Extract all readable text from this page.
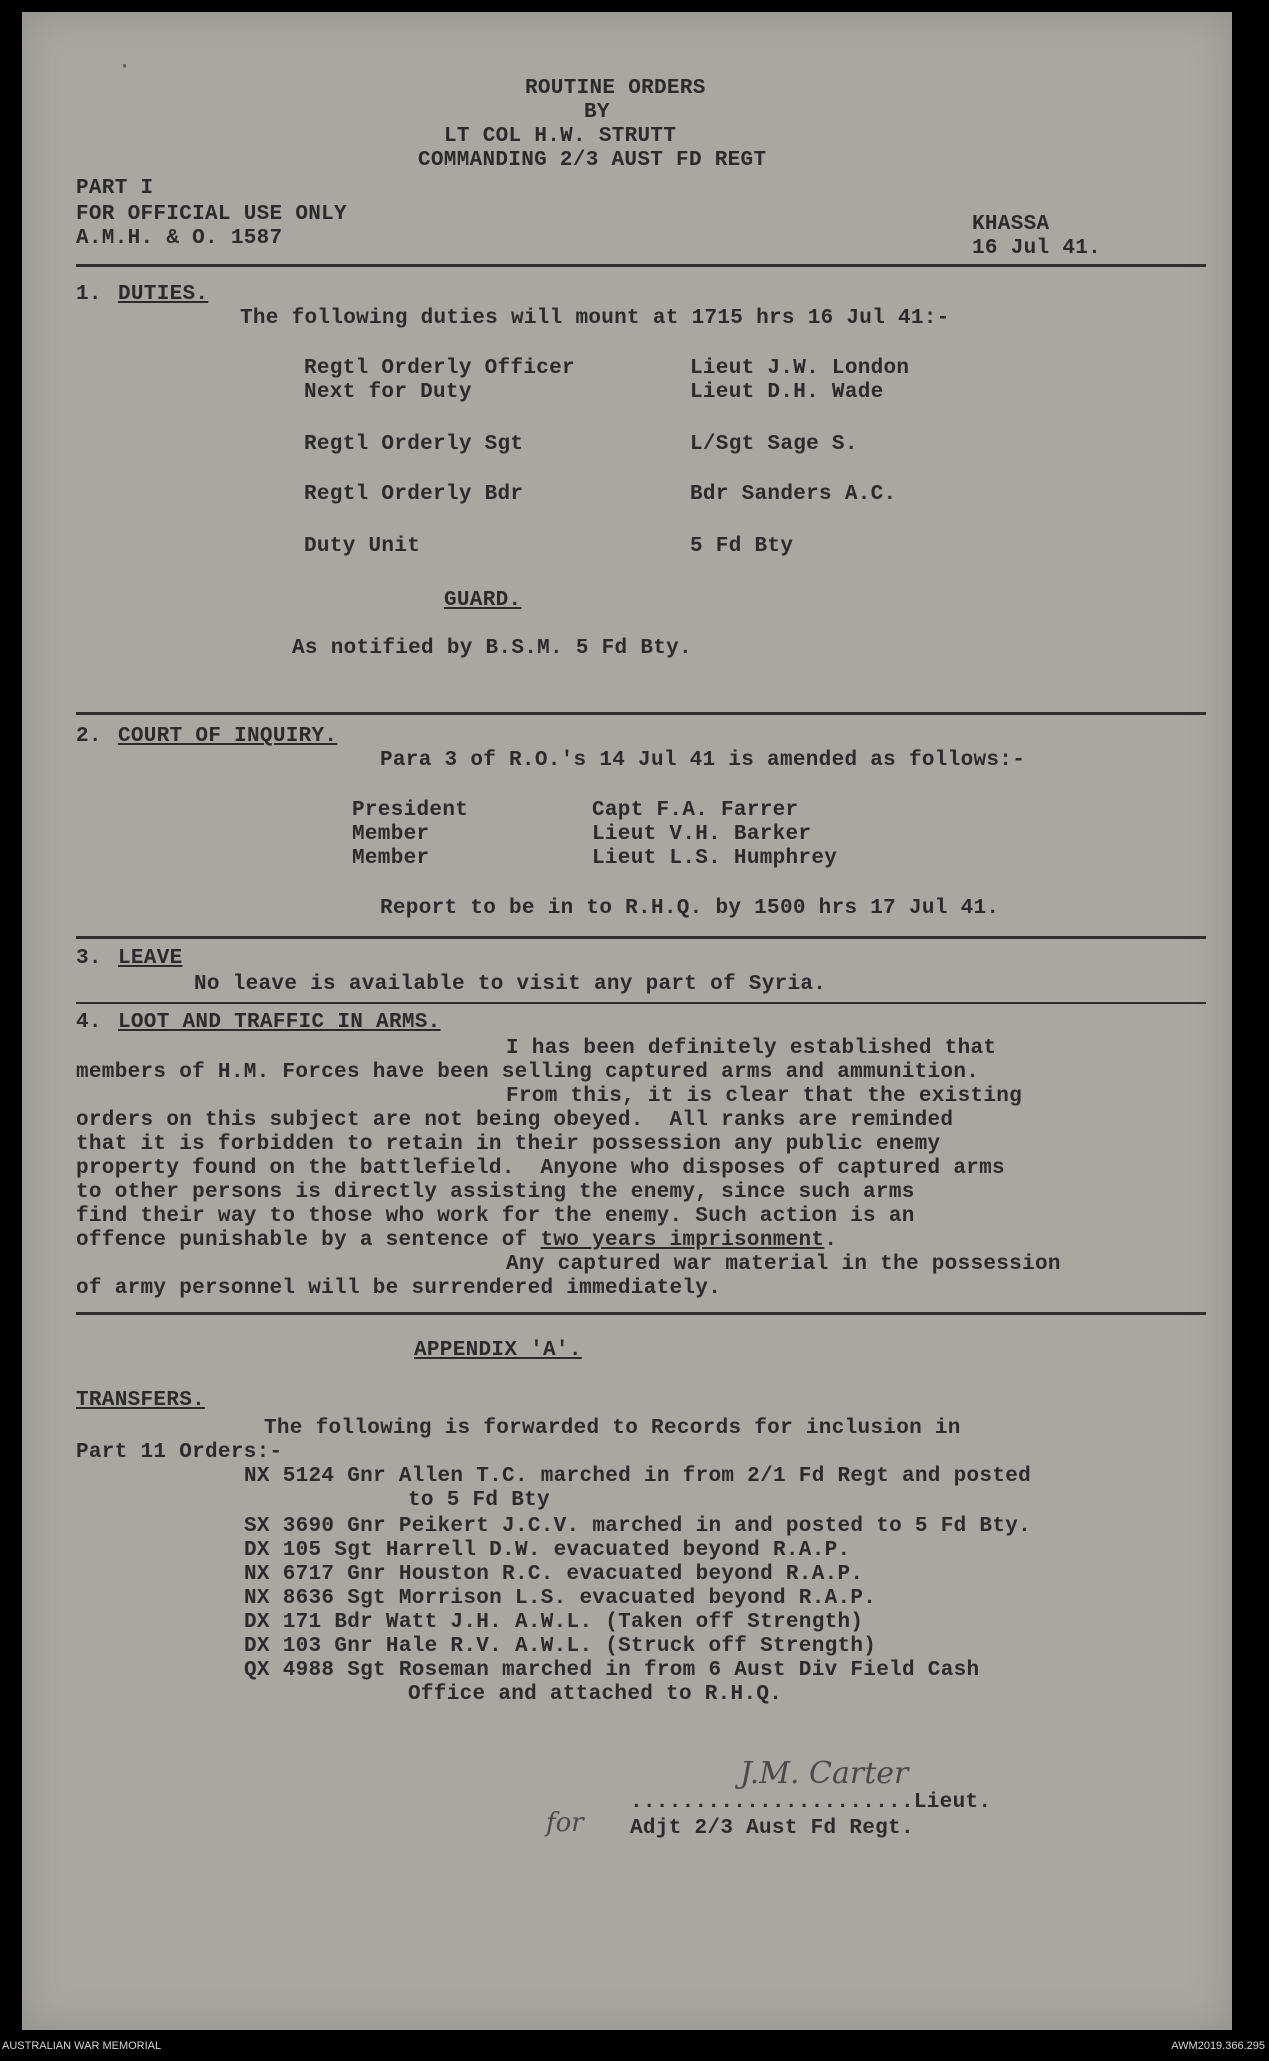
·
ROUTINE ORDERS
BY
LT COL H.W. STRUTT
COMMANDING 2/3 AUST FD REGT
PART I
FOR OFFICIAL USE ONLY
A.M.H. & O. 1587
KHASSA
16 Jul 41.
1. DUTIES.
The following duties will mount at 1715 hrs 16 Jul 41:-
Regtl Orderly Officer	Lieut J.W. London
Next for Duty	Lieut D.H. Wade
Regtl Orderly Sgt	L/Sgt Sage S.
Regtl Orderly Bdr	Bdr Sanders A.C.
Duty Unit	5 Fd Bty
GUARD.
As notified by B.S.M. 5 Fd Bty.
2. COURT OF INQUIRY.
Para 3 of R.O.'s 14 Jul 41 is amended as follows:-
President	Capt F.A. Farrer
Member	Lieut V.H. Barker
Member	Lieut L.S. Humphrey
Report to be in to R.H.Q. by 1500 hrs 17 Jul 41.
3. LEAVE
No leave is available to visit any part of Syria.
4. LOOT AND TRAFFIC IN ARMS.
I has been definitely established that
members of H.M. Forces have been selling captured arms and ammunition.
From this, it is clear that the existing
orders on this subject are not being obeyed.  All ranks are reminded
that it is forbidden to retain in their possession any public enemy
property found on the battlefield.  Anyone who disposes of captured arms
to other persons is directly assisting the enemy, since such arms
find their way to those who work for the enemy. Such action is an
offence punishable by a sentence of two years imprisonment.
Any captured war material in the possession
of army personnel will be surrendered immediately.
APPENDIX 'A'.
TRANSFERS.
The following is forwarded to Records for inclusion in
Part 11 Orders:-
NX 5124 Gnr Allen T.C. marched in from 2/1 Fd Regt and posted
to 5 Fd Bty
SX 3690 Gnr Peikert J.C.V. marched in and posted to 5 Fd Bty.
DX 105 Sgt Harrell D.W. evacuated beyond R.A.P.
NX 6717 Gnr Houston R.C. evacuated beyond R.A.P.
NX 8636 Sgt Morrison L.S. evacuated beyond R.A.P.
DX 171 Bdr Watt J.H. A.W.L. (Taken off Strength)
DX 103 Gnr Hale R.V. A.W.L. (Struck off Strength)
QX 4988 Sgt Roseman marched in from 6 Aust Div Field Cash
Office and attached to R.H.Q.
J.M. Carter
......................Lieut.
for Adjt 2/3 Aust Fd Regt.
AUSTRALIAN WAR MEMORIAL	AWM2019.366.295
